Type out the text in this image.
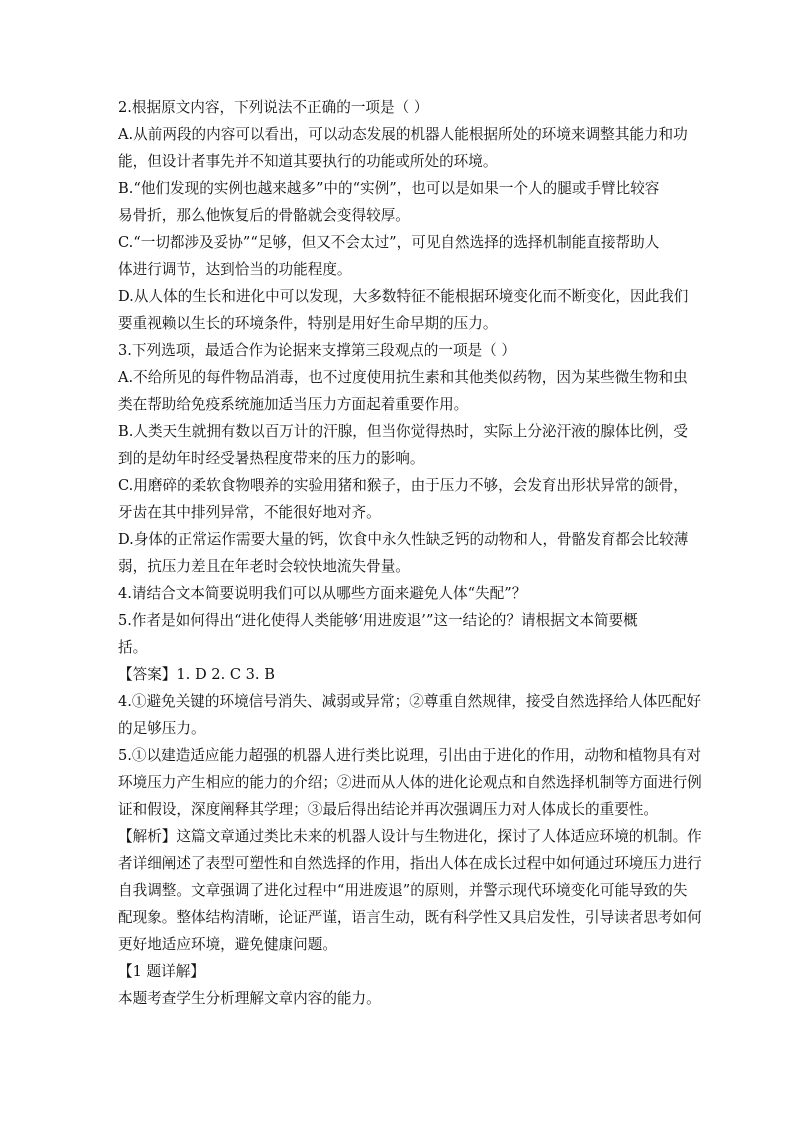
2.根据原文内容，下列说法不正确的一项是（ ）
A.从前两段的内容可以看出，可以动态发展的机器人能根据所处的环境来调整其能力和功
能，但设计者事先并不知道其要执行的功能或所处的环境。
B.“他们发现的实例也越来越多”中的“实例”，也可以是如果一个人的腿或手臂比较容
易骨折，那么他恢复后的骨骼就会变得较厚。
C.“一切都涉及妥协”“足够，但又不会太过”，可见自然选择的选择机制能直接帮助人
体进行调节，达到恰当的功能程度。
D.从人体的生长和进化中可以发现，大多数特征不能根据环境变化而不断变化，因此我们
要重视赖以生长的环境条件，特别是用好生命早期的压力。
3.下列选项，最适合作为论据来支撑第三段观点的一项是（ ）
A.不给所见的每件物品消毒，也不过度使用抗生素和其他类似药物，因为某些微生物和虫
类在帮助给免疫系统施加适当压力方面起着重要作用。
B.人类天生就拥有数以百万计的汗腺，但当你觉得热时，实际上分泌汗液的腺体比例，受
到的是幼年时经受暑热程度带来的压力的影响。
C.用磨碎的柔软食物喂养的实验用猪和猴子，由于压力不够，会发育出形状异常的颌骨，
牙齿在其中排列异常，不能很好地对齐。
D.身体的正常运作需要大量的钙，饮食中永久性缺乏钙的动物和人，骨骼发育都会比较薄
弱，抗压力差且在年老时会较快地流失骨量。
4.请结合文本简要说明我们可以从哪些方面来避免人体“失配”？
5.作者是如何得出“进化使得人类能够‘用进废退’”这一结论的？请根据文本简要概
括。
【答案】1. D 2. C 3. B
4.①避免关键的环境信号消失、减弱或异常；②尊重自然规律，接受自然选择给人体匹配好
的足够压力。
5.①以建造适应能力超强的机器人进行类比说理，引出由于进化的作用，动物和植物具有对
环境压力产生相应的能力的介绍；②进而从人体的进化论观点和自然选择机制等方面进行例
证和假设，深度阐释其学理；③最后得出结论并再次强调压力对人体成长的重要性。
【解析】这篇文章通过类比未来的机器人设计与生物进化，探讨了人体适应环境的机制。作
者详细阐述了表型可塑性和自然选择的作用，指出人体在成长过程中如何通过环境压力进行
自我调整。文章强调了进化过程中“用进废退”的原则，并警示现代环境变化可能导致的失
配现象。整体结构清晰，论证严谨，语言生动，既有科学性又具启发性，引导读者思考如何
更好地适应环境，避免健康问题。
【1 题详解】
本题考查学生分析理解文章内容的能力。
